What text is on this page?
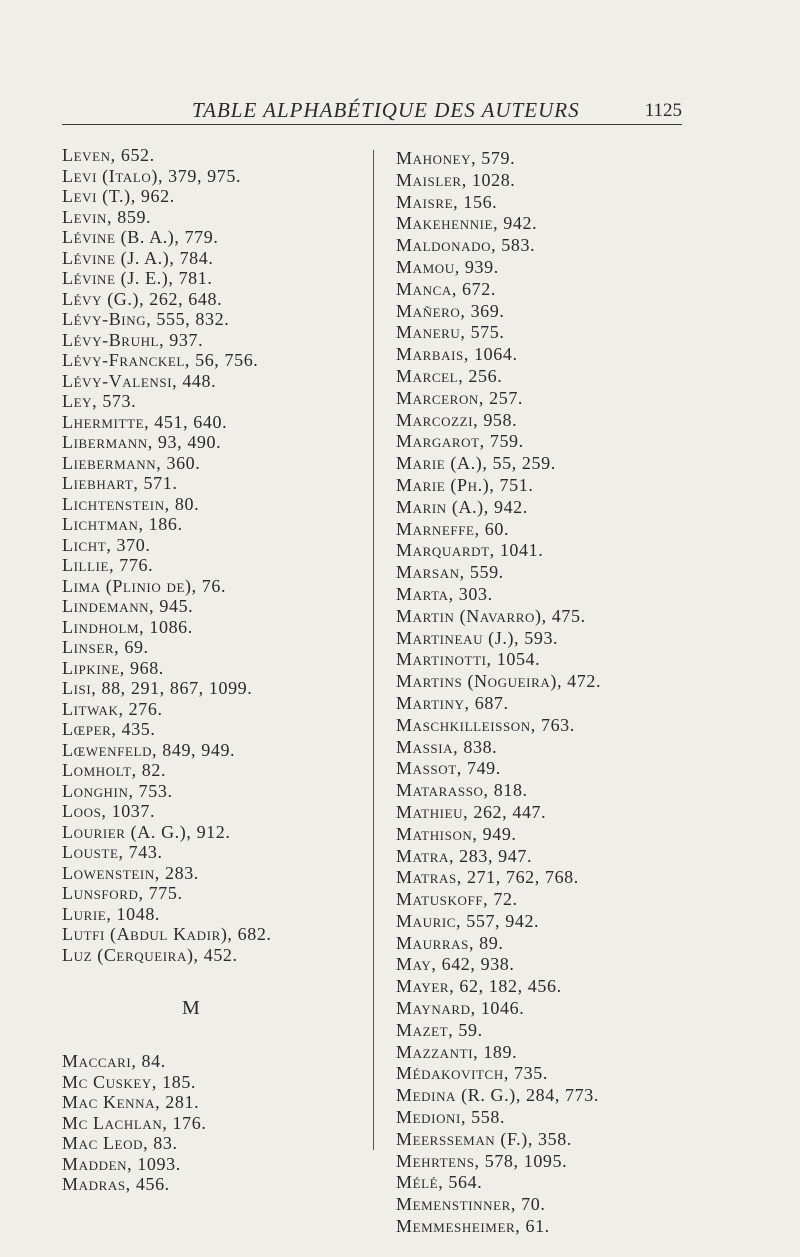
TABLE ALPHABÉTIQUE DES AUTEURS	1125
Leven, 652.
Levi (Italo), 379, 975.
Levi (T.), 962.
Levin, 859.
Lévine (B. A.), 779.
Lévine (J. A.), 784.
Lévine (J. E.), 781.
Lévy (G.), 262, 648.
Lévy-Bing, 555, 832.
Lévy-Bruhl, 937.
Lévy-Franckel, 56, 756.
Lévy-Valensi, 448.
Ley, 573.
Lhermitte, 451, 640.
Libermann, 93, 490.
Liebermann, 360.
Liebhart, 571.
Lichtenstein, 80.
Lichtman, 186.
Licht, 370.
Lillie, 776.
Lima (Plinio de), 76.
Lindemann, 945.
Lindholm, 1086.
Linser, 69.
Lipkine, 968.
Lisi, 88, 291, 867, 1099.
Litwak, 276.
Lœper, 435.
Lœwenfeld, 849, 949.
Lomholt, 82.
Longhin, 753.
Loos, 1037.
Lourier (A. G.), 912.
Louste, 743.
Lowenstein, 283.
Lunsford, 775.
Lurie, 1048.
Lutfi (Abdul Kadir), 682.
Luz (Cerqueira), 452.
M
Maccari, 84.
Mc Cuskey, 185.
Mac Kenna, 281.
Mc Lachlan, 176.
Mac Leod, 83.
Madden, 1093.
Madras, 456.
Mahoney, 579.
Maisler, 1028.
Maisre, 156.
Makehennie, 942.
Maldonado, 583.
Mamou, 939.
Manca, 672.
Mañero, 369.
Maneru, 575.
Marbais, 1064.
Marcel, 256.
Marceron, 257.
Marcozzi, 958.
Margarot, 759.
Marie (A.), 55, 259.
Marie (Ph.), 751.
Marin (A.), 942.
Marneffe, 60.
Marquardt, 1041.
Marsan, 559.
Marta, 303.
Martin (Navarro), 475.
Martineau (J.), 593.
Martinotti, 1054.
Martins (Nogueira), 472.
Martiny, 687.
Maschkilleisson, 763.
Massia, 838.
Massot, 749.
Matarasso, 818.
Mathieu, 262, 447.
Mathison, 949.
Matra, 283, 947.
Matras, 271, 762, 768.
Matuskoff, 72.
Mauric, 557, 942.
Maurras, 89.
May, 642, 938.
Mayer, 62, 182, 456.
Maynard, 1046.
Mazet, 59.
Mazzanti, 189.
Médakovitch, 735.
Medina (R. G.), 284, 773.
Medioni, 558.
Meersseman (F.), 358.
Mehrtens, 578, 1095.
Mélé, 564.
Memenstinner, 70.
Memmesheimer, 61.
